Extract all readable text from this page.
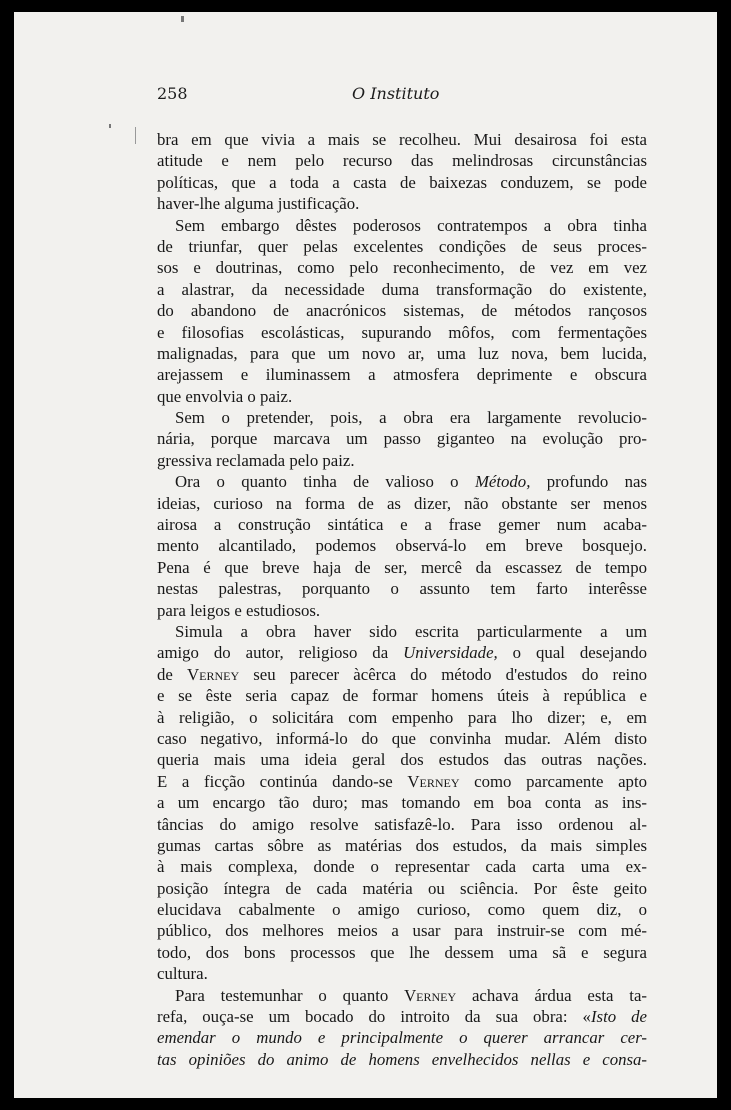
258	O Instituto
bra em que vivia a mais se recolheu. Mui desairosa foi esta
atitude e nem pelo recurso das melindrosas circunstâncias
políticas, que a toda a casta de baixezas conduzem, se pode
haver-lhe alguma justificação.
Sem embargo dêstes poderosos contratempos a obra tinha
de triunfar, quer pelas excelentes condições de seus proces-
sos e doutrinas, como pelo reconhecimento, de vez em vez
a alastrar, da necessidade duma transformação do existente,
do abandono de anacrónicos sistemas, de métodos rançosos
e filosofias escolásticas, supurando môfos, com fermentações
malignadas, para que um novo ar, uma luz nova, bem lucida,
arejassem e iluminassem a atmosfera deprimente e obscura
que envolvia o paiz.
Sem o pretender, pois, a obra era largamente revolucio-
nária, porque marcava um passo giganteo na evolução pro-
gressiva reclamada pelo paiz.
Ora o quanto tinha de valioso o Método, profundo nas
ideias, curioso na forma de as dizer, não obstante ser menos
airosa a construção sintática e a frase gemer num acaba-
mento alcantilado, podemos observá-lo em breve bosquejo.
Pena é que breve haja de ser, mercê da escassez de tempo
nestas palestras, porquanto o assunto tem farto interêsse
para leigos e estudiosos.
Simula a obra haver sido escrita particularmente a um
amigo do autor, religioso da Universidade, o qual desejando
de Verney seu parecer àcêrca do método d'estudos do reino
e se êste seria capaz de formar homens úteis à república e
à religião, o solicitára com empenho para lho dizer; e, em
caso negativo, informá-lo do que convinha mudar. Além disto
queria mais uma ideia geral dos estudos das outras nações.
E a ficção continúa dando-se Verney como parcamente apto
a um encargo tão duro; mas tomando em boa conta as ins-
tâncias do amigo resolve satisfazê-lo. Para isso ordenou al-
gumas cartas sôbre as matérias dos estudos, da mais simples
à mais complexa, donde o representar cada carta uma ex-
posição íntegra de cada matéria ou sciência. Por êste geito
elucidava cabalmente o amigo curioso, como quem diz, o
público, dos melhores meios a usar para instruir-se com mé-
todo, dos bons processos que lhe dessem uma sã e segura
cultura.
Para testemunhar o quanto Verney achava árdua esta ta-
refa, ouça-se um bocado do introito da sua obra: «Isto de
emendar o mundo e principalmente o querer arrancar cer-
tas opiniões do animo de homens envelhecidos nellas e consa-
